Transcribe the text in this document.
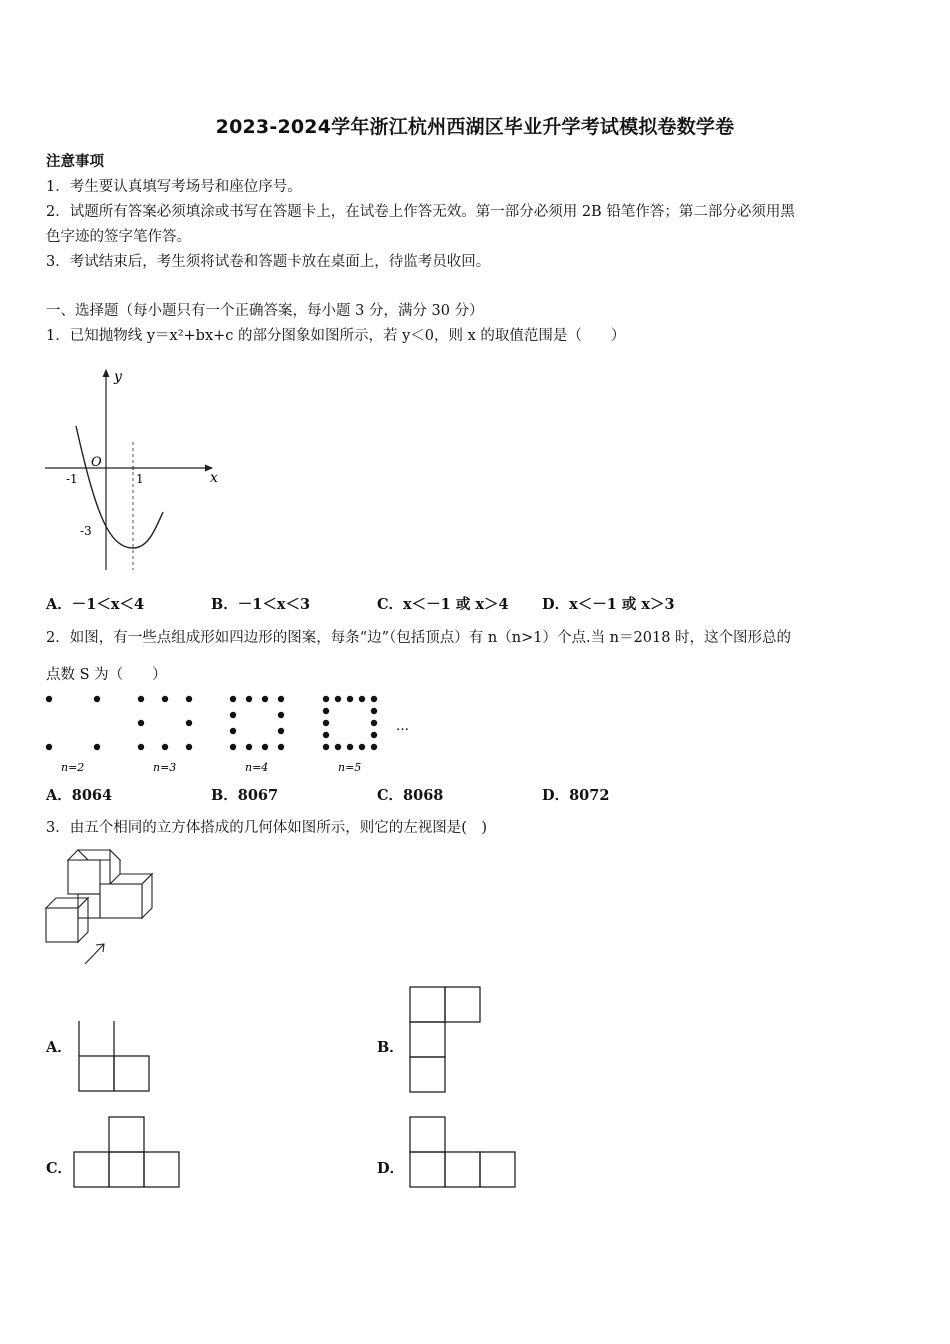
2023-2024学年浙江杭州西湖区毕业升学考试模拟卷数学卷
注意事项
1．考生要认真填写考场号和座位序号。
2．试题所有答案必须填涂或书写在答题卡上，在试卷上作答无效。第一部分必须用 2B 铅笔作答；第二部分必须用黑
色字迹的签字笔作答。
3．考试结束后，考生须将试卷和答题卡放在桌面上，待监考员收回。
一、选择题（每小题只有一个正确答案，每小题 3 分，满分 30 分）
1．已知抛物线 y＝x²+bx+c 的部分图象如图所示，若 y＜0，则 x 的取值范围是（　　）
y
x
O
-1	1
-3
A．－1＜x＜4	B．－1＜x＜3	C．x＜－1 或 x＞4 D．x＜－1 或 x＞3
2．如图，有一些点组成形如四边形的图案，每条“边”（包括顶点）有 n（n>1）个点.当 n＝2018 时，这个图形总的
点数 S 为（　　）
…
n=2	n=3	n=4	n=5
A．8064	B．8067	C．8068	D．8072
3．由五个相同的立方体搭成的几何体如图所示，则它的左视图是(　)
A．	B．
C．	D．
